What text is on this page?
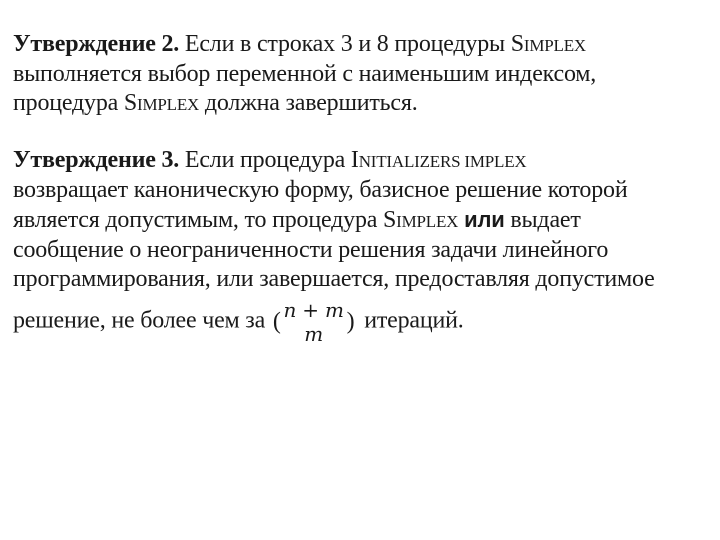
Утверждение 2. Если в строках 3 и 8 процедуры SIMPLEX
выполняется выбор переменной с наименьшим индексом,
процедура SIMPLEX должна завершиться.
Утверждение 3. Если процедура INITIALIZERS IMPLEX
возвращает каноническую форму, базисное решение которой
является допустимым, то процедура SIMPLEX или выдает
сообщение о неограниченности решения задачи линейного
программирования, или завершается, предоставляя допустимое
решение, не более чем за ( n + m
m ) итераций.
